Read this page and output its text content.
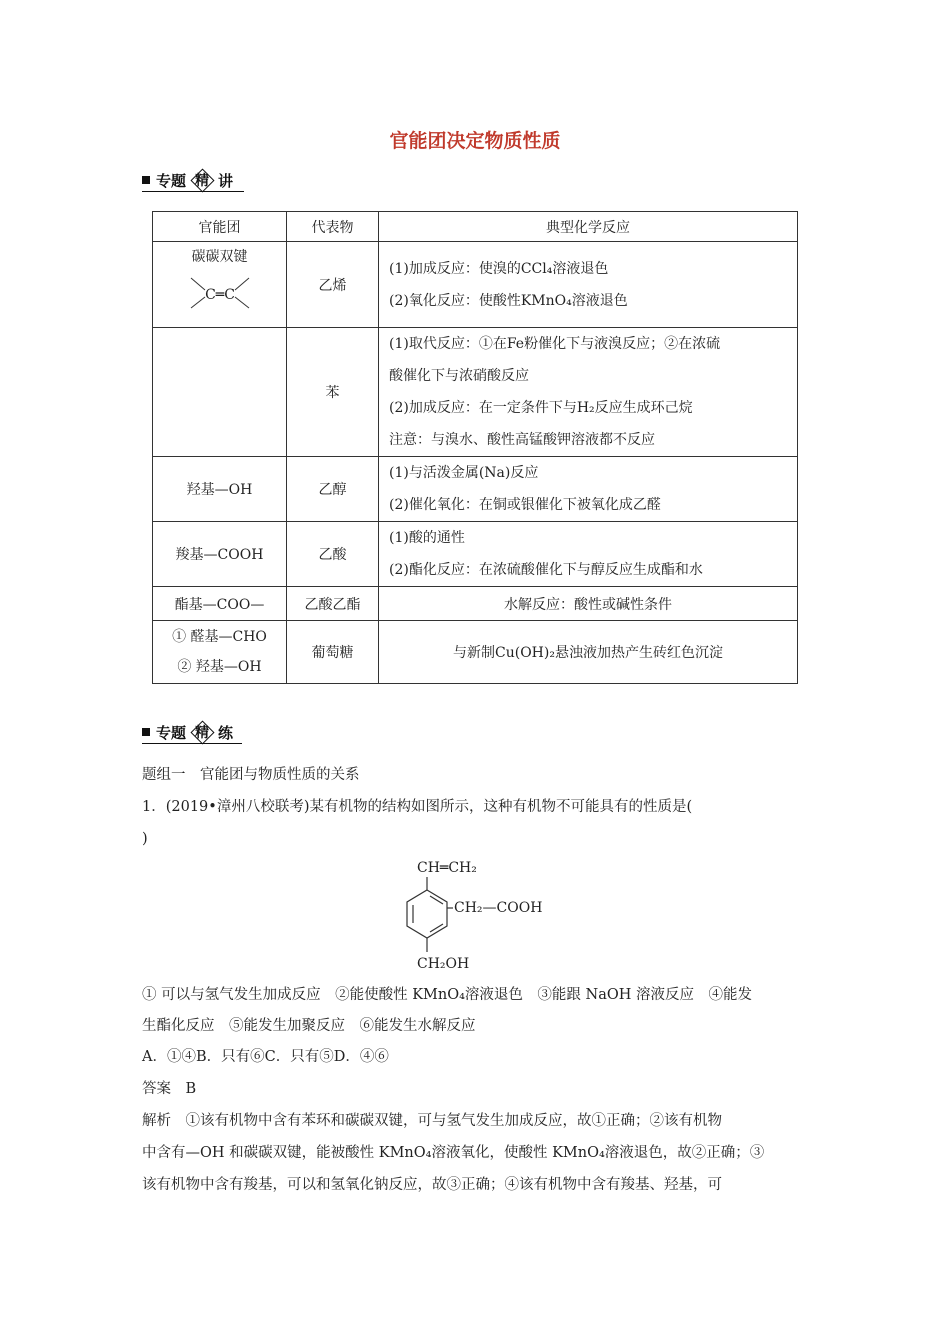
官能团决定物质性质
专题 精 讲
官能团	代表物	典型化学反应

碳碳双键
C═C	乙烯	(1)加成反应：使溴的CCl₄溶液退色
(2)氧化反应：使酸性KMnO₄溶液退色

	苯	(1)取代反应：①在Fe粉催化下与液溴反应；②在浓硫
酸催化下与浓硝酸反应
(2)加成反应：在一定条件下与H₂反应生成环己烷
注意：与溴水、酸性高锰酸钾溶液都不反应

羟基—OH	乙醇	(1)与活泼金属(Na)反应
(2)催化氧化：在铜或银催化下被氧化成乙醛

羧基—COOH	乙酸	(1)酸的通性
(2)酯化反应：在浓硫酸催化下与醇反应生成酯和水

酯基—COO—	乙酸乙酯	水解反应：酸性或碱性条件

① 醛基—CHO
② 羟基—OH	葡萄糖	与新制Cu(OH)₂悬浊液加热产生砖红色沉淀
专题 精 练
题组一　官能团与物质性质的关系
1．(2019•漳州八校联考)某有机物的结构如图所示，这种有机物不可能具有的性质是(
)
CH═CH₂
CH₂—COOH
CH₂OH
① 可以与氢气发生加成反应　②能使酸性 KMnO₄溶液退色　③能跟 NaOH 溶液反应　④能发
生酯化反应　⑤能发生加聚反应　⑥能发生水解反应
A．①④B．只有⑥C．只有⑤D．④⑥
答案　B
解析　①该有机物中含有苯环和碳碳双键，可与氢气发生加成反应，故①正确；②该有机物
中含有—OH 和碳碳双键，能被酸性 KMnO₄溶液氧化，使酸性 KMnO₄溶液退色，故②正确；③
该有机物中含有羧基，可以和氢氧化钠反应，故③正确；④该有机物中含有羧基、羟基，可
